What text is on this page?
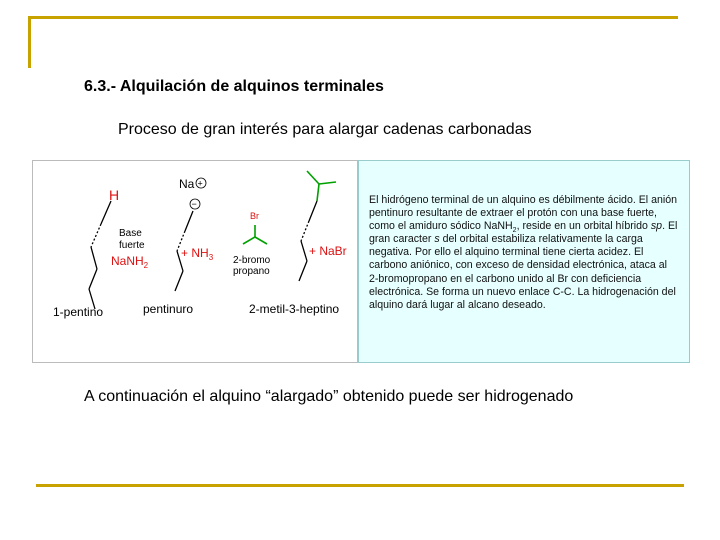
6.3.- Alquilación de alquinos terminales
Proceso de gran interés para alargar cadenas carbonadas
H
Base
fuerte
NaNH$_2$
Na +
−
+ $NH_3$
Br
2-bromo
propano
+ NaBr
1-pentino	pentinuro	2-metil-3-heptino
El hidrógeno terminal de un alquino es débilmente ácido. El anión pentinuro resultante de extraer el protón con una base fuerte, como el amiduro sódico NaNH$_2$, reside en un orbital híbrido sp. El gran caracter s del orbital estabiliza relativamente la carga negativa. Por ello el alquino terminal tiene cierta acidez. El carbono aniónico, con exceso de densidad electrónica, ataca al 2-bromopropano en el carbono unido al Br con deficiencia electrónica. Se forma un nuevo enlace C-C. La hidrogenación del alquino dará lugar al alcano deseado.
A continuación el alquino “alargado” obtenido puede ser hidrogenado
